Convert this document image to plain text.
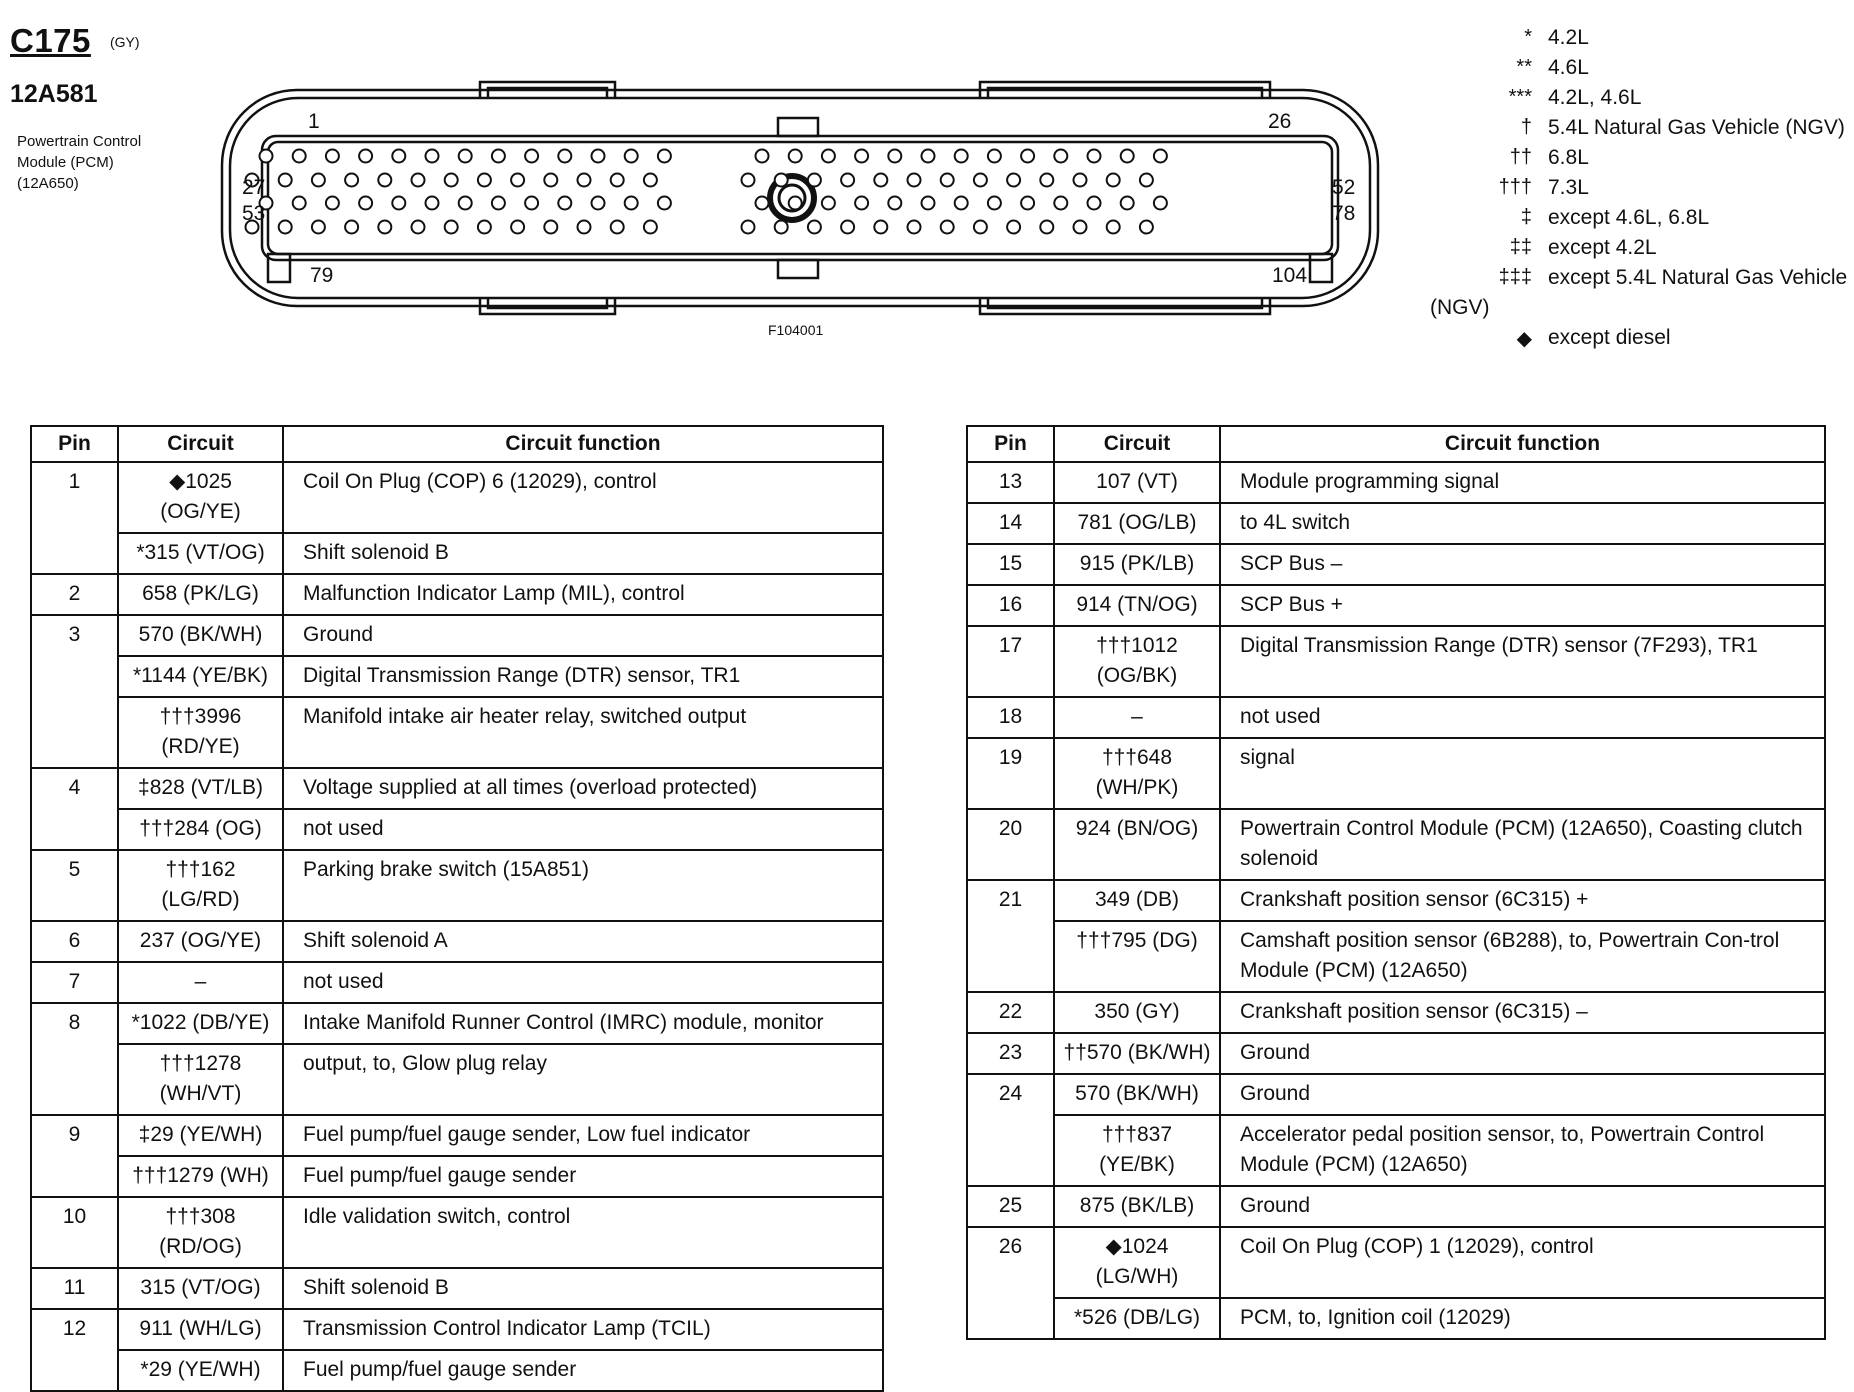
C175 (GY)
12A581
Powertrain Control Module (PCM) (12A650)
1	26
27
53
52
78
79	104
F104001
* 4.2L
** 4.6L
*** 4.2L, 4.6L
† 5.4L Natural Gas Vehicle (NGV)
†† 6.8L
††† 7.3L
‡ except 4.6L, 6.8L
‡‡ except 4.2L
‡‡‡ except 5.4L Natural Gas Vehicle
(NGV)
◆ except diesel
Pin	Circuit	Circuit function
1	◆1025 (OG/YE)	Coil On Plug (COP) 6 (12029), control
	*315 (VT/OG)	Shift solenoid B
2	658 (PK/LG)	Malfunction Indicator Lamp (MIL), control
3	570 (BK/WH)	Ground
	*1144 (YE/BK)	Digital Transmission Range (DTR) sensor, TR1
	†††3996 (RD/YE)	Manifold intake air heater relay, switched output
4	‡828 (VT/LB)	Voltage supplied at all times (overload protected)
	†††284 (OG)	not used
5	†††162 (LG/RD)	Parking brake switch (15A851)
6	237 (OG/YE)	Shift solenoid A
7	–	not used
8	*1022 (DB/YE)	Intake Manifold Runner Control (IMRC) module, monitor
	†††1278 (WH/VT)	output, to, Glow plug relay
9	‡29 (YE/WH)	Fuel pump/fuel gauge sender, Low fuel indicator
	†††1279 (WH)	Fuel pump/fuel gauge sender
10	†††308 (RD/OG)	Idle validation switch, control
11	315 (VT/OG)	Shift solenoid B
12	911 (WH/LG)	Transmission Control Indicator Lamp (TCIL)
	*29 (YE/WH)	Fuel pump/fuel gauge sender
Pin	Circuit	Circuit function
13	107 (VT)	Module programming signal
14	781 (OG/LB)	to 4L switch
15	915 (PK/LB)	SCP Bus –
16	914 (TN/OG)	SCP Bus +
17	†††1012 (OG/BK)	Digital Transmission Range (DTR) sensor (7F293), TR1
18	–	not used
19	†††648 (WH/PK)	signal
20	924 (BN/OG)	Powertrain Control Module (PCM) (12A650), Coasting clutch solenoid
21	349 (DB)	Crankshaft position sensor (6C315) +
	†††795 (DG)	Camshaft position sensor (6B288), to, Powertrain Con-trol Module (PCM) (12A650)
22	350 (GY)	Crankshaft position sensor (6C315) –
23	††570 (BK/WH)	Ground
24	570 (BK/WH)	Ground
	†††837 (YE/BK)	Accelerator pedal position sensor, to, Powertrain Control Module (PCM) (12A650)
25	875 (BK/LB)	Ground
26	◆1024 (LG/WH)	Coil On Plug (COP) 1 (12029), control
	*526 (DB/LG)	PCM, to, Ignition coil (12029)
